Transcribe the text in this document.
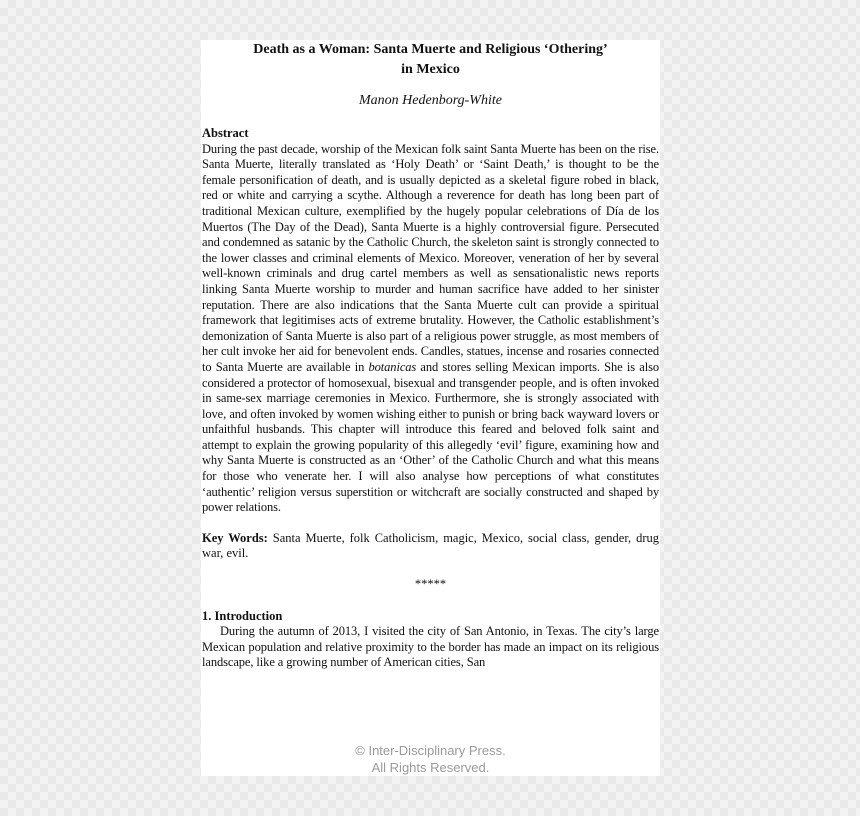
Death as a Woman: Santa Muerte and Religious ‘Othering’
in Mexico
Manon Hedenborg-White
Abstract

During the past decade, worship of the Mexican folk saint Santa Muerte has been on the rise. Santa Muerte, literally translated as ‘Holy Death’ or ‘Saint Death,’ is thought to be the female personification of death, and is usually depicted as a skeletal figure robed in black, red or white and carrying a scythe. Although a reverence for death has long been part of traditional Mexican culture, exemplified by the hugely popular celebrations of Día de los Muertos (The Day of the Dead), Santa Muerte is a highly controversial figure. Persecuted and condemned as satanic by the Catholic Church, the skeleton saint is strongly connected to the lower classes and criminal elements of Mexico. Moreover, veneration of her by several well-known criminals and drug cartel members as well as sensationalistic news reports linking Santa Muerte worship to murder and human sacrifice have added to her sinister reputation. There are also indications that the Santa Muerte cult can provide a spiritual framework that legitimises acts of extreme brutality. However, the Catholic establishment’s demonization of Santa Muerte is also part of a religious power struggle, as most members of her cult invoke her aid for benevolent ends. Candles, statues, incense and rosaries connected to Santa Muerte are available in botanicas and stores selling Mexican imports. She is also considered a protector of homosexual, bisexual and transgender people, and is often invoked in same-sex marriage ceremonies in Mexico. Furthermore, she is strongly associated with love, and often invoked by women wishing either to punish or bring back wayward lovers or unfaithful husbands. This chapter will introduce this feared and beloved folk saint and attempt to explain the growing popularity of this allegedly ‘evil’ figure, examining how and why Santa Muerte is constructed as an ‘Other’ of the Catholic Church and what this means for those who venerate her. I will also analyse how perceptions of what constitutes ‘authentic’ religion versus superstition or witchcraft are socially constructed and shaped by power relations.

Key Words: Santa Muerte, folk Catholicism, magic, Mexico, social class, gender, drug war, evil.

*****
1. Introduction

During the autumn of 2013, I visited the city of San Antonio, in Texas. The city’s large Mexican population and relative proximity to the border has made an impact on its religious landscape, like a growing number of American cities, San

© Inter-Disciplinary Press.
All Rights Reserved.
